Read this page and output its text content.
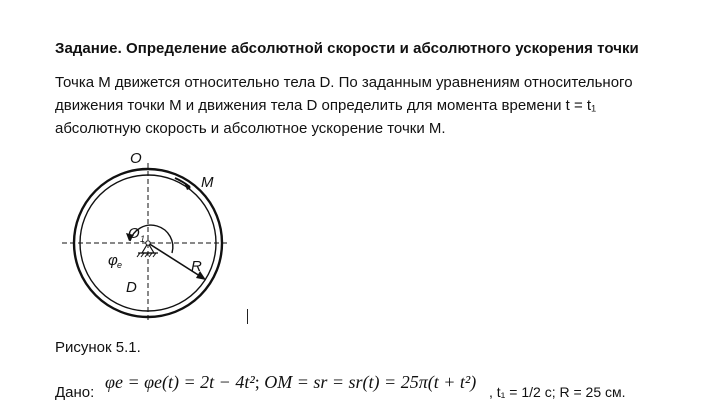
Задание. Определение абсолютной скорости и абсолютного ускорения точки
Точка M движется относительно тела D. По заданным уравнениям относительного
движения точки M и движения тела D определить для момента времени t = t₁
абсолютную скорость и абсолютное ускорение точки M.
O
M
O 1
φ e	R
D
Рисунок 5.1.
Дано:
φe = φe(t) = 2t − 4t²; OM = sr = sr(t) = 25π(t + t²) , t₁ = 1/2 с; R = 25 см.
